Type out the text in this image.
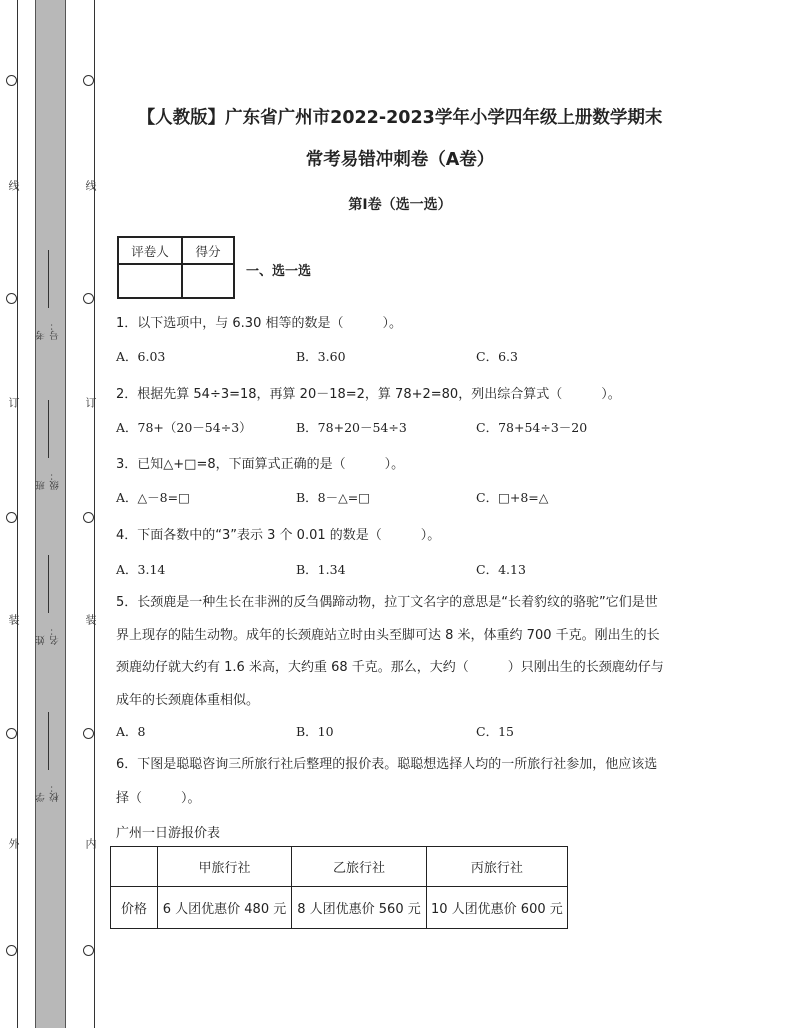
线
订
装
外
线
订
装
内
考号：
班级：
姓名：
学校：
【人教版】广东省广州市2022-2023学年小学四年级上册数学期末
常考易错冲刺卷（A卷）
第I卷（选一选）
评卷人	得分

一、选一选
1．以下选项中，与 6.30 相等的数是（　　　）。
A．6.03	B．3.60	C．6.3
2．根据先算 54÷3=18，再算 20－18=2，算 78+2=80，列出综合算式（　　　）。
A．78+（20－54÷3）	B．78+20－54÷3	C．78+54÷3－20
3．已知△+□=8，下面算式正确的是（　　　）。
A．△－8=□	B．8－△=□	C．□+8=△
4．下面各数中的“3”表示 3 个 0.01 的数是（　　　）。
A．3.14	B．1.34	C．4.13
5．长颈鹿是一种生长在非洲的反刍偶蹄动物，拉丁文名字的意思是“长着豹纹的骆驼”它们是世
界上现存的陆生动物。成年的长颈鹿站立时由头至脚可达 8 米，体重约 700 千克。刚出生的长
颈鹿幼仔就大约有 1.6 米高，大约重 68 千克。那么，大约（　　　）只刚出生的长颈鹿幼仔与
成年的长颈鹿体重相似。
A．8	B．10	C．15
6．下图是聪聪咨询三所旅行社后整理的报价表。聪聪想选择人均的一所旅行社参加，他应该选
择（　　　）。
广州一日游报价表
	甲旅行社	乙旅行社	丙旅行社
价格	6 人团优惠价 480 元	8 人团优惠价 560 元	10 人团优惠价 600 元
